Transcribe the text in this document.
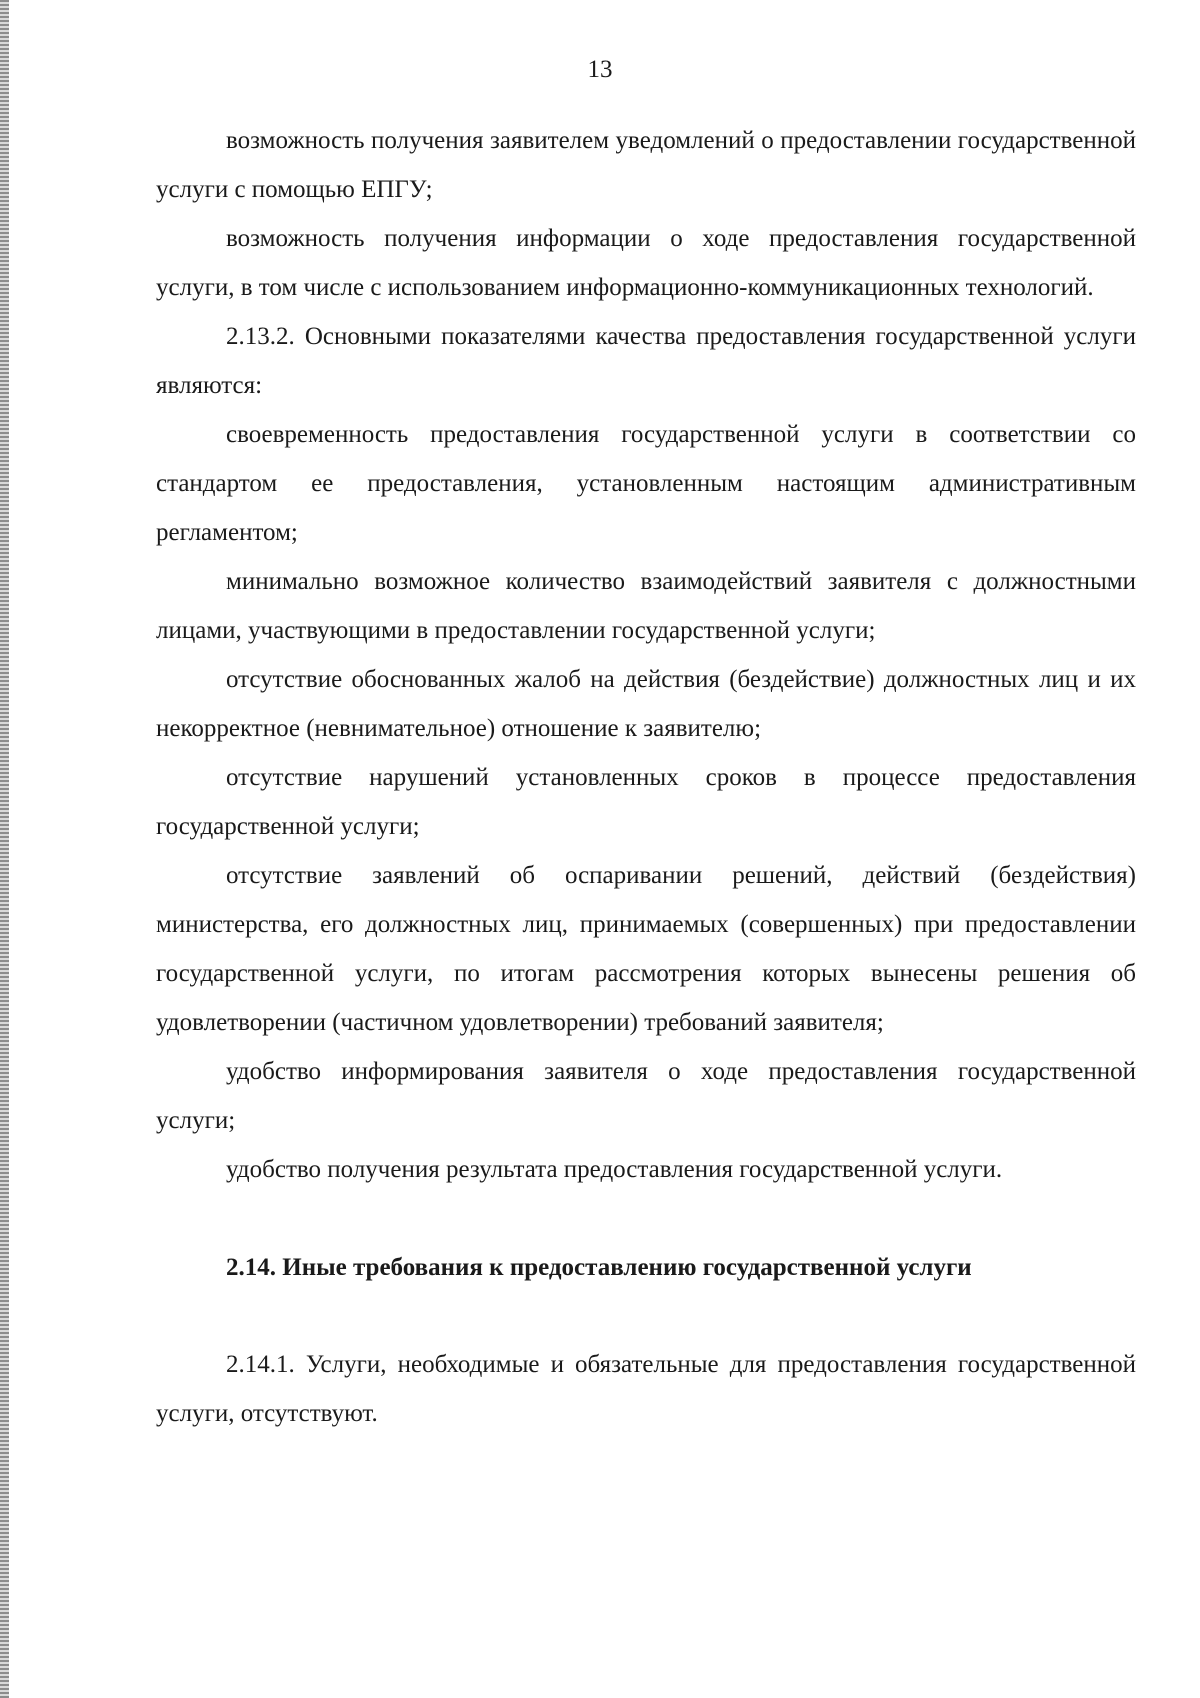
13

возможность получения заявителем уведомлений о предоставлении государственной услуги с помощью ЕПГУ;

возможность получения информации о ходе предоставления государственной услуги, в том числе с использованием информационно-коммуникационных технологий.

2.13.2. Основными показателями качества предоставления государственной услуги являются:

своевременность предоставления государственной услуги в соответствии со стандартом ее предоставления, установленным настоящим административным регламентом;

минимально возможное количество взаимодействий заявителя с должностными лицами, участвующими в предоставлении государственной услуги;

отсутствие обоснованных жалоб на действия (бездействие) должностных лиц и их некорректное (невнимательное) отношение к заявителю;

отсутствие нарушений установленных сроков в процессе предоставления государственной услуги;

отсутствие заявлений об оспаривании решений, действий (бездействия) министерства, его должностных лиц, принимаемых (совершенных) при предоставлении государственной услуги, по итогам рассмотрения которых вынесены решения об удовлетворении (частичном удовлетворении) требований заявителя;

удобство информирования заявителя о ходе предоставления государственной услуги;

удобство получения результата предоставления государственной услуги.

2.14. Иные требования к предоставлению государственной услуги

2.14.1. Услуги, необходимые и обязательные для предоставления государственной услуги, отсутствуют.
